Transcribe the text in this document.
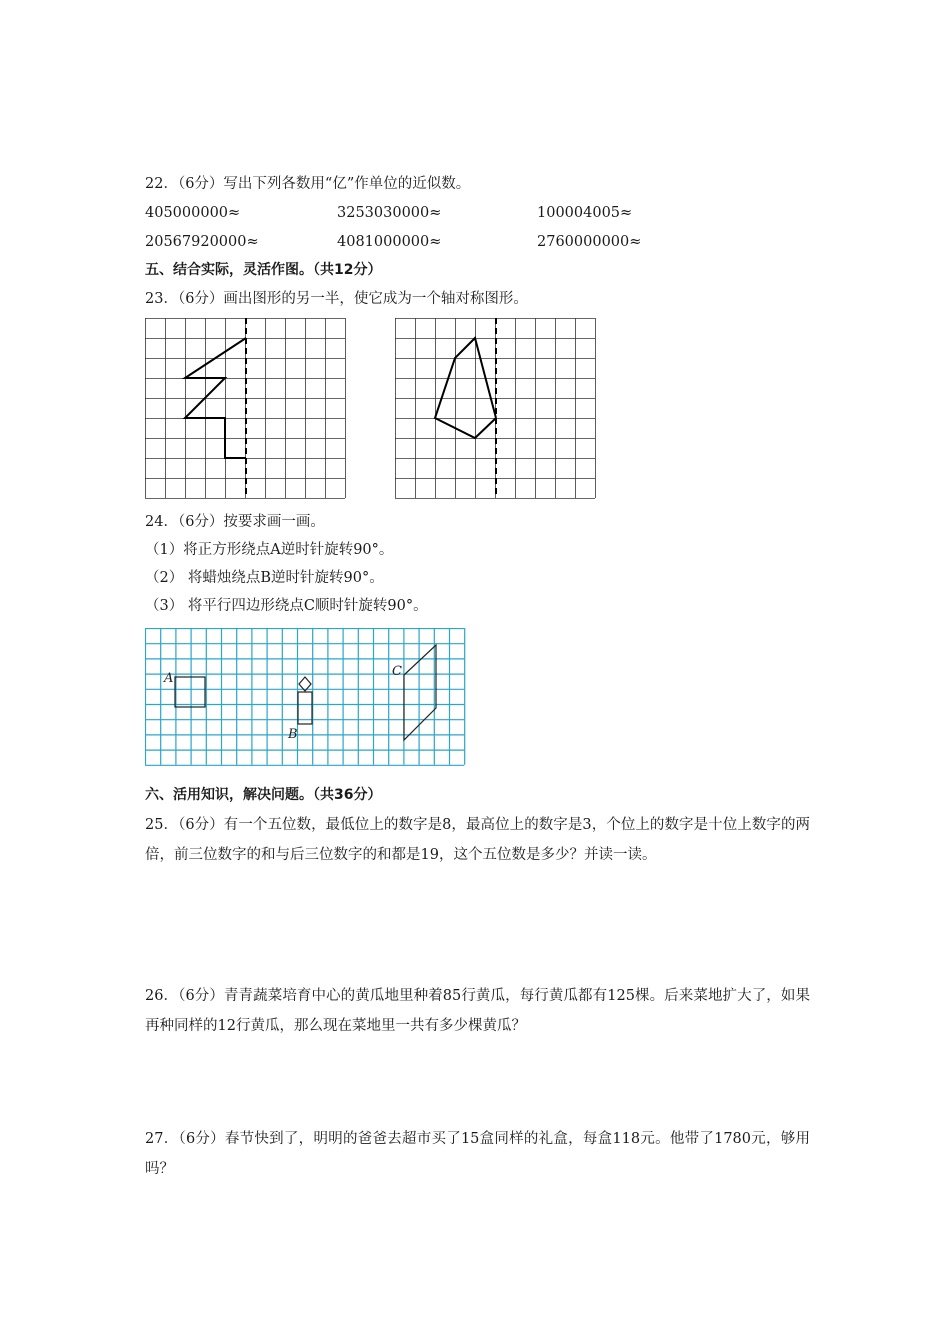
22．（6分）写出下列各数用“亿”作单位的近似数。
405000000≈	3253030000≈	100004005≈
20567920000≈	4081000000≈	2760000000≈
五、结合实际，灵活作图。（共12分）
23．（6分）画出图形的另一半，使它成为一个轴对称图形。
24．（6分）按要求画一画。
（1）将正方形绕点A逆时针旋转90°。
（2） 将蜡烛绕点B逆时针旋转90°。
（3） 将平行四边形绕点C顺时针旋转90°。
A
B
C
六、活用知识，解决问题。（共36分）
25．（6分）有一个五位数，最低位上的数字是8，最高位上的数字是3，个位上的数字是十位上数字的两倍，前三位数字的和与后三位数字的和都是19，这个五位数是多少？并读一读。
26．（6分）青青蔬菜培育中心的黄瓜地里种着85行黄瓜，每行黄瓜都有125棵。后来菜地扩大了，如果再种同样的12行黄瓜，那么现在菜地里一共有多少棵黄瓜？
27．（6分）春节快到了，明明的爸爸去超市买了15盒同样的礼盒，每盒118元。他带了1780元，够用吗？
